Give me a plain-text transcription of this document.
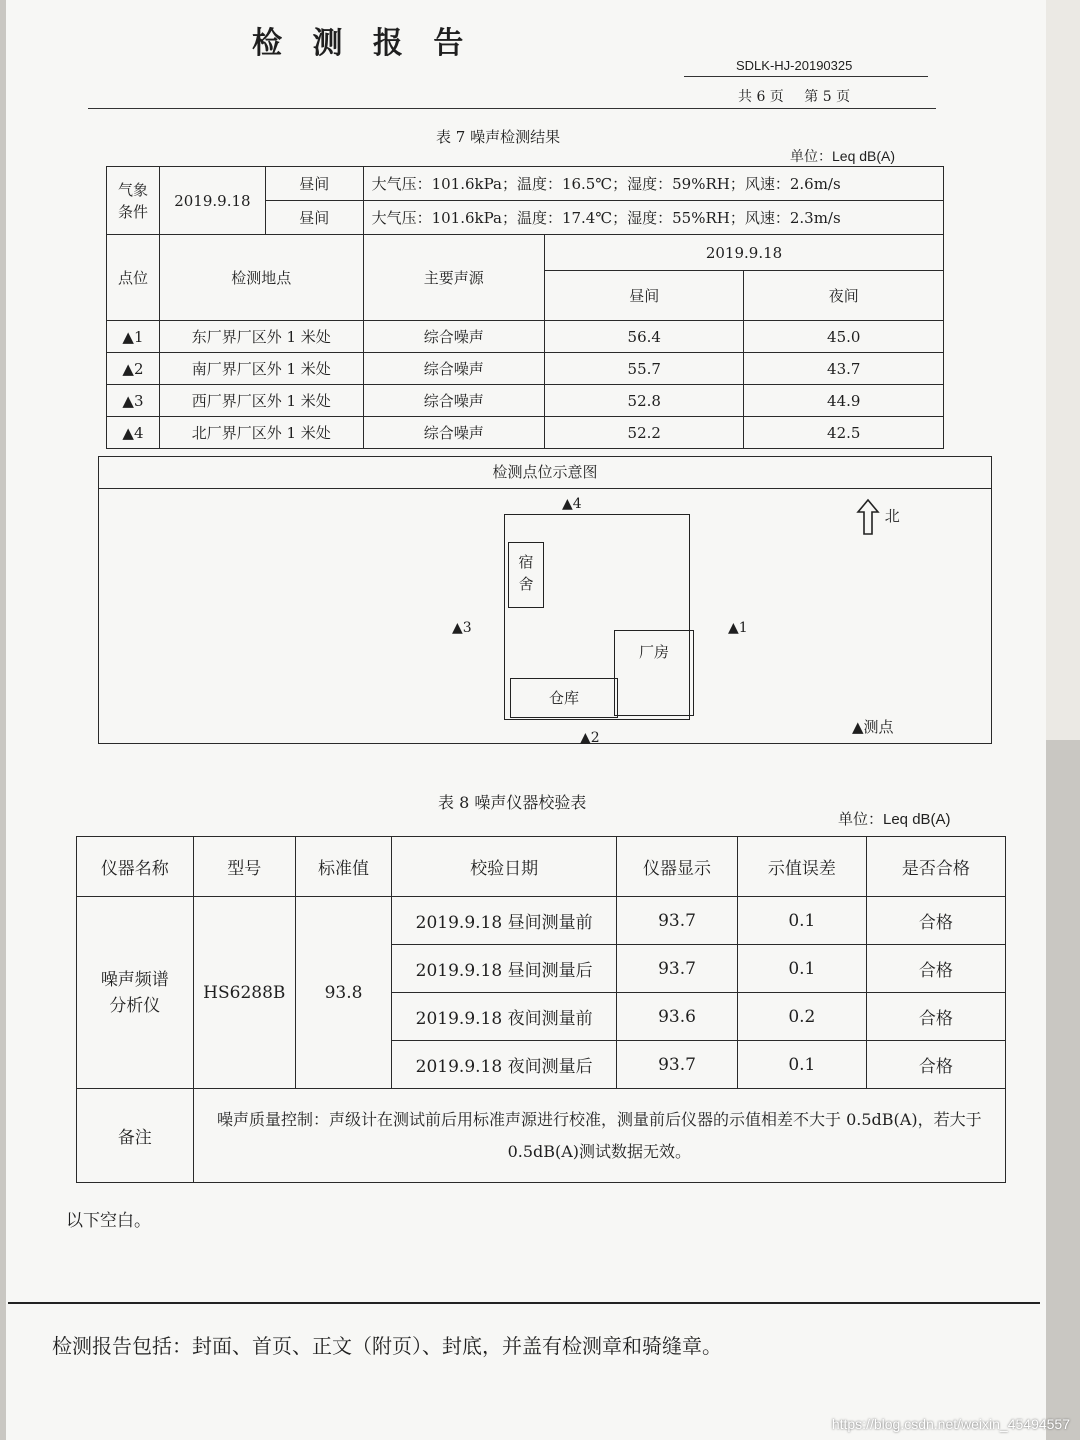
检 测 报 告
SDLK-HJ-20190325
共 6 页 第 5 页
表 7 噪声检测结果
单位：Leq dB(A)
气象条件	2019.9.18	昼间	大气压：101.6kPa；温度：16.5℃；湿度：59%RH；风速：2.6m/s		
		昼间	大气压：101.6kPa；温度：17.4℃；湿度：55%RH；风速：2.3m/s		
点位	检测地点		主要声源	2019.9.18	
				昼间	夜间
▲1	东厂界厂区外 1 米处		综合噪声	56.4	45.0
▲2	南厂界厂区外 1 米处		综合噪声	55.7	43.7
▲3	西厂界厂区外 1 米处		综合噪声	52.8	44.9
▲4	北厂界厂区外 1 米处		综合噪声	52.2	42.5
检测点位示意图
宿舍
厂房
仓库
▲4
▲2
▲3	▲1
▲测点
北
表 8 噪声仪器校验表
单位：Leq dB(A)
仪器名称	型号	标准值	校验日期	仪器显示	示值误差	是否合格
噪声频谱分析仪	HS6288B	93.8	2019.9.18 昼间测量前	93.7	0.1	合格
			2019.9.18 昼间测量后	93.7	0.1	合格
			2019.9.18 夜间测量前	93.6	0.2	合格
			2019.9.18 夜间测量后	93.7	0.1	合格
备注	噪声质量控制：声级计在测试前后用标准声源进行校准，测量前后仪器的示值相差不大于 0.5dB(A)，若大于 0.5dB(A)测试数据无效。					
以下空白。
检测报告包括：封面、首页、正文（附页）、封底，并盖有检测章和骑缝章。
https://blog.csdn.net/weixin_45494557
